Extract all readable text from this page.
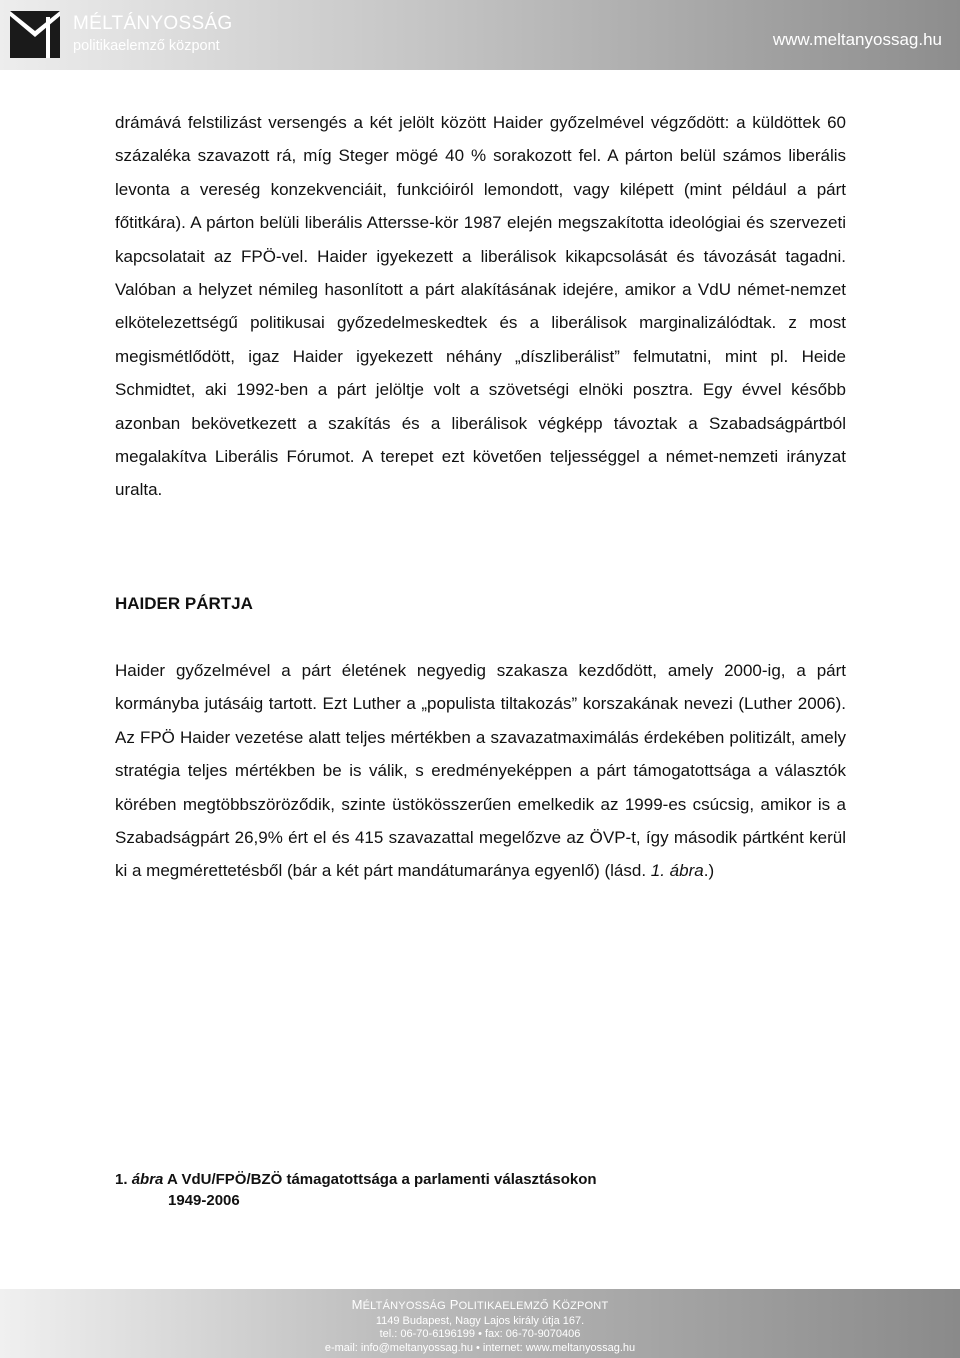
MÉLTÁNYOSSÁG
politikaelemző központ	www.meltanyossag.hu

drámává felstilizást versengés a két jelölt között Haider győzelmével végződött: a küldöttek 60 százaléka szavazott rá, míg Steger mögé 40 % sorakozott fel. A párton belül számos liberális levonta a vereség konzekvenciáit, funkcióiról lemondott, vagy kilépett (mint például a párt főtitkára). A párton belüli liberális Attersse-kör 1987 elején megszakította ideológiai és szervezeti kapcsolatait az FPÖ-vel. Haider igyekezett a liberálisok kikapcsolását és távozását tagadni. Valóban a helyzet némileg hasonlított a párt alakításának idejére, amikor a VdU német-nemzet elkötelezettségű politikusai győzedelmeskedtek és a liberálisok marginalizálódtak. z most megismétlődött, igaz Haider igyekezett néhány „díszliberálist” felmutatni, mint pl. Heide Schmidtet, aki 1992-ben a párt jelöltje volt a szövetségi elnöki posztra. Egy évvel később azonban bekövetkezett a szakítás és a liberálisok végképp távoztak a Szabadságpártból megalakítva Liberális Fórumot. A terepet ezt követően teljességgel a német-nemzeti irányzat uralta.

HAIDER PÁRTJA

Haider győzelmével a párt életének negyedig szakasza kezdődött, amely 2000-ig, a párt kormányba jutásáig tartott. Ezt Luther a „populista tiltakozás” korszakának nevezi (Luther 2006). Az FPÖ Haider vezetése alatt teljes mértékben a szavazatmaximálás érdekében politizált, amely stratégia teljes mértékben be is válik, s eredményeképpen a párt támogatottsága a választók körében megtöbbszöröződik, szinte üstökösszerűen emelkedik az 1999-es csúcsig, amikor is a Szabadságpárt 26,9% ért el és 415 szavazattal megelőzve az ÖVP-t, így második pártként kerül ki a megmérettetésből (bár a két párt mandátumaránya egyenlő) (lásd. 1. ábra.)

1. ábra A VdU/FPÖ/BZÖ támagatottsága a parlamenti választásokon
1949-2006
MÉLTÁNYOSSÁG POLITIKAELEMZŐ KÖZPONT
1149 Budapest, Nagy Lajos király útja 167.
tel.: 06-70-6196199 • fax: 06-70-9070406
e-mail: info@meltanyossag.hu • internet: www.meltanyossag.hu
